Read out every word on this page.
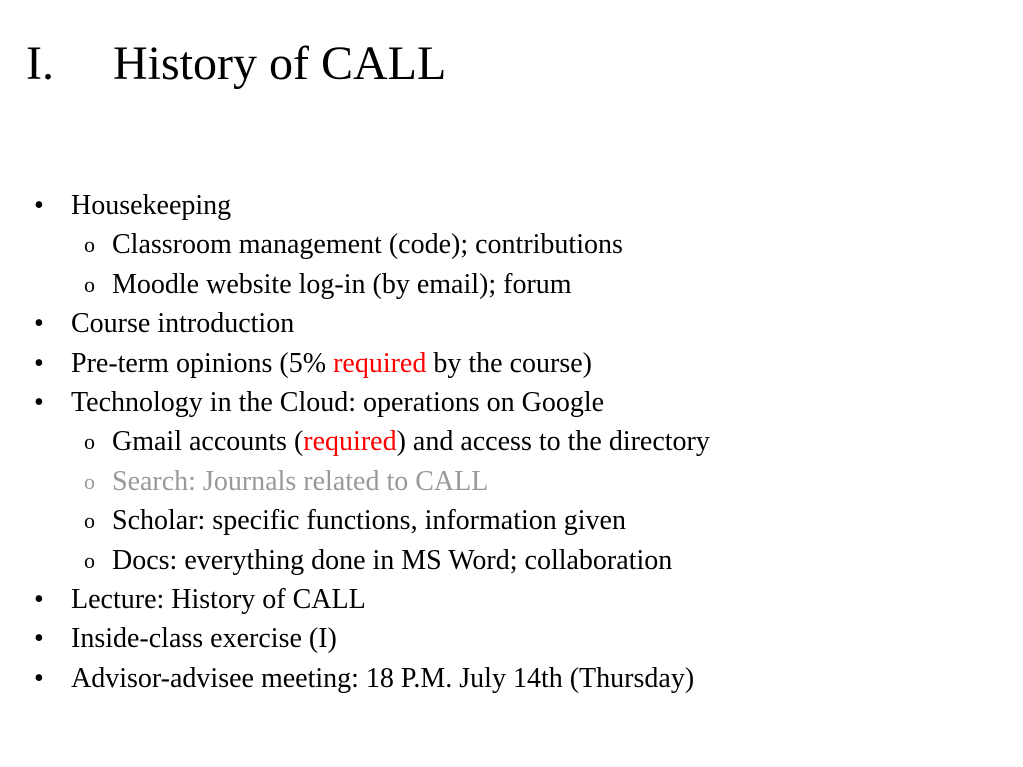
I. History of CALL
• Housekeeping
o Classroom management (code); contributions
o Moodle website log-in (by email); forum
• Course introduction
• Pre-term opinions (5% required by the course)
• Technology in the Cloud: operations on Google
o Gmail accounts (required) and access to the directory
o Search: Journals related to CALL
o Scholar: specific functions, information given
o Docs: everything done in MS Word; collaboration
• Lecture: History of CALL
• Inside-class exercise (I)
• Advisor-advisee meeting: 18 P.M. July 14th (Thursday)
